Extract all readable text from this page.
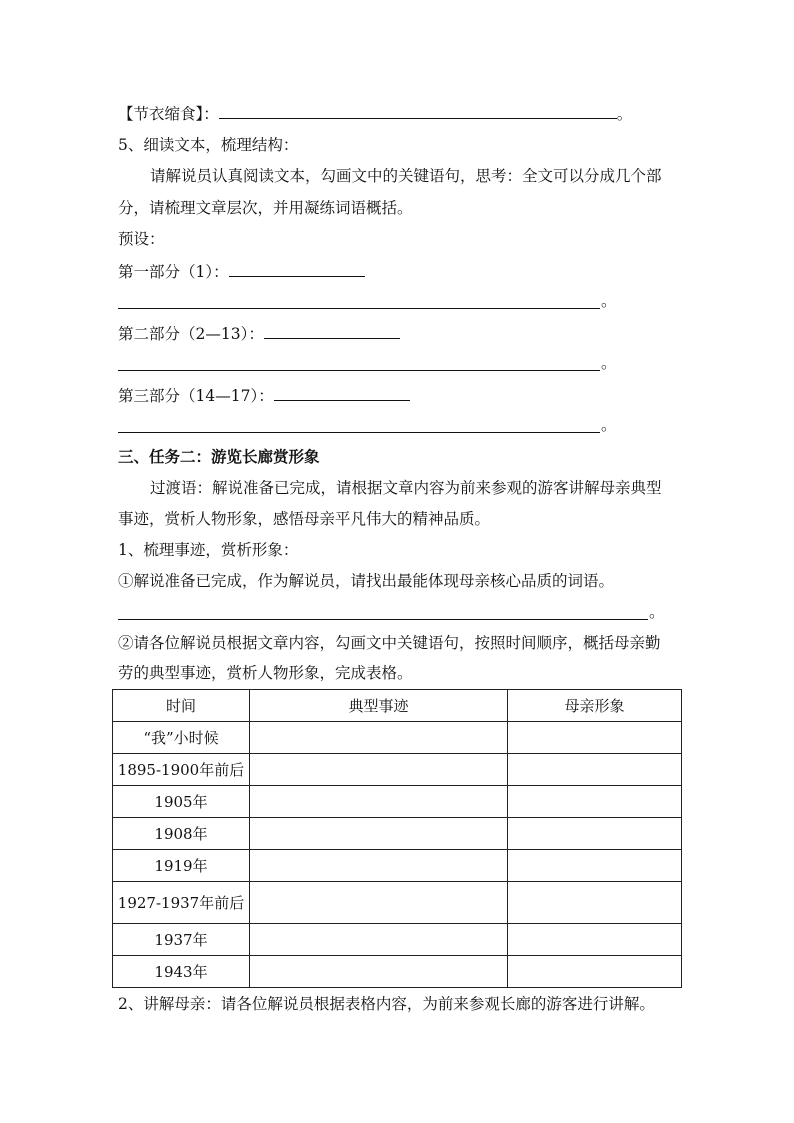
【节衣缩食】：	。
5、细读文本，梳理结构：
请解说员认真阅读文本，勾画文中的关键语句，思考：全文可以分成几个部
分，请梳理文章层次，并用凝练词语概括。
预设：
第一部分（1）：
。
第二部分（2—13）：
。
第三部分（14—17）：
。
三、任务二：游览长廊赏形象
过渡语：解说准备已完成，请根据文章内容为前来参观的游客讲解母亲典型
事迹，赏析人物形象，感悟母亲平凡伟大的精神品质。
1、梳理事迹，赏析形象：
①解说准备已完成，作为解说员，请找出最能体现母亲核心品质的词语。
。
②请各位解说员根据文章内容，勾画文中关键语句，按照时间顺序，概括母亲勤
劳的典型事迹，赏析人物形象，完成表格。
时间	典型事迹	母亲形象
“我”小时候		
1895-1900年前后		
1905年		
1908年		
1919年		
1927-1937年前后		
1937年		
1943年		
2、讲解母亲：请各位解说员根据表格内容，为前来参观长廊的游客进行讲解。
